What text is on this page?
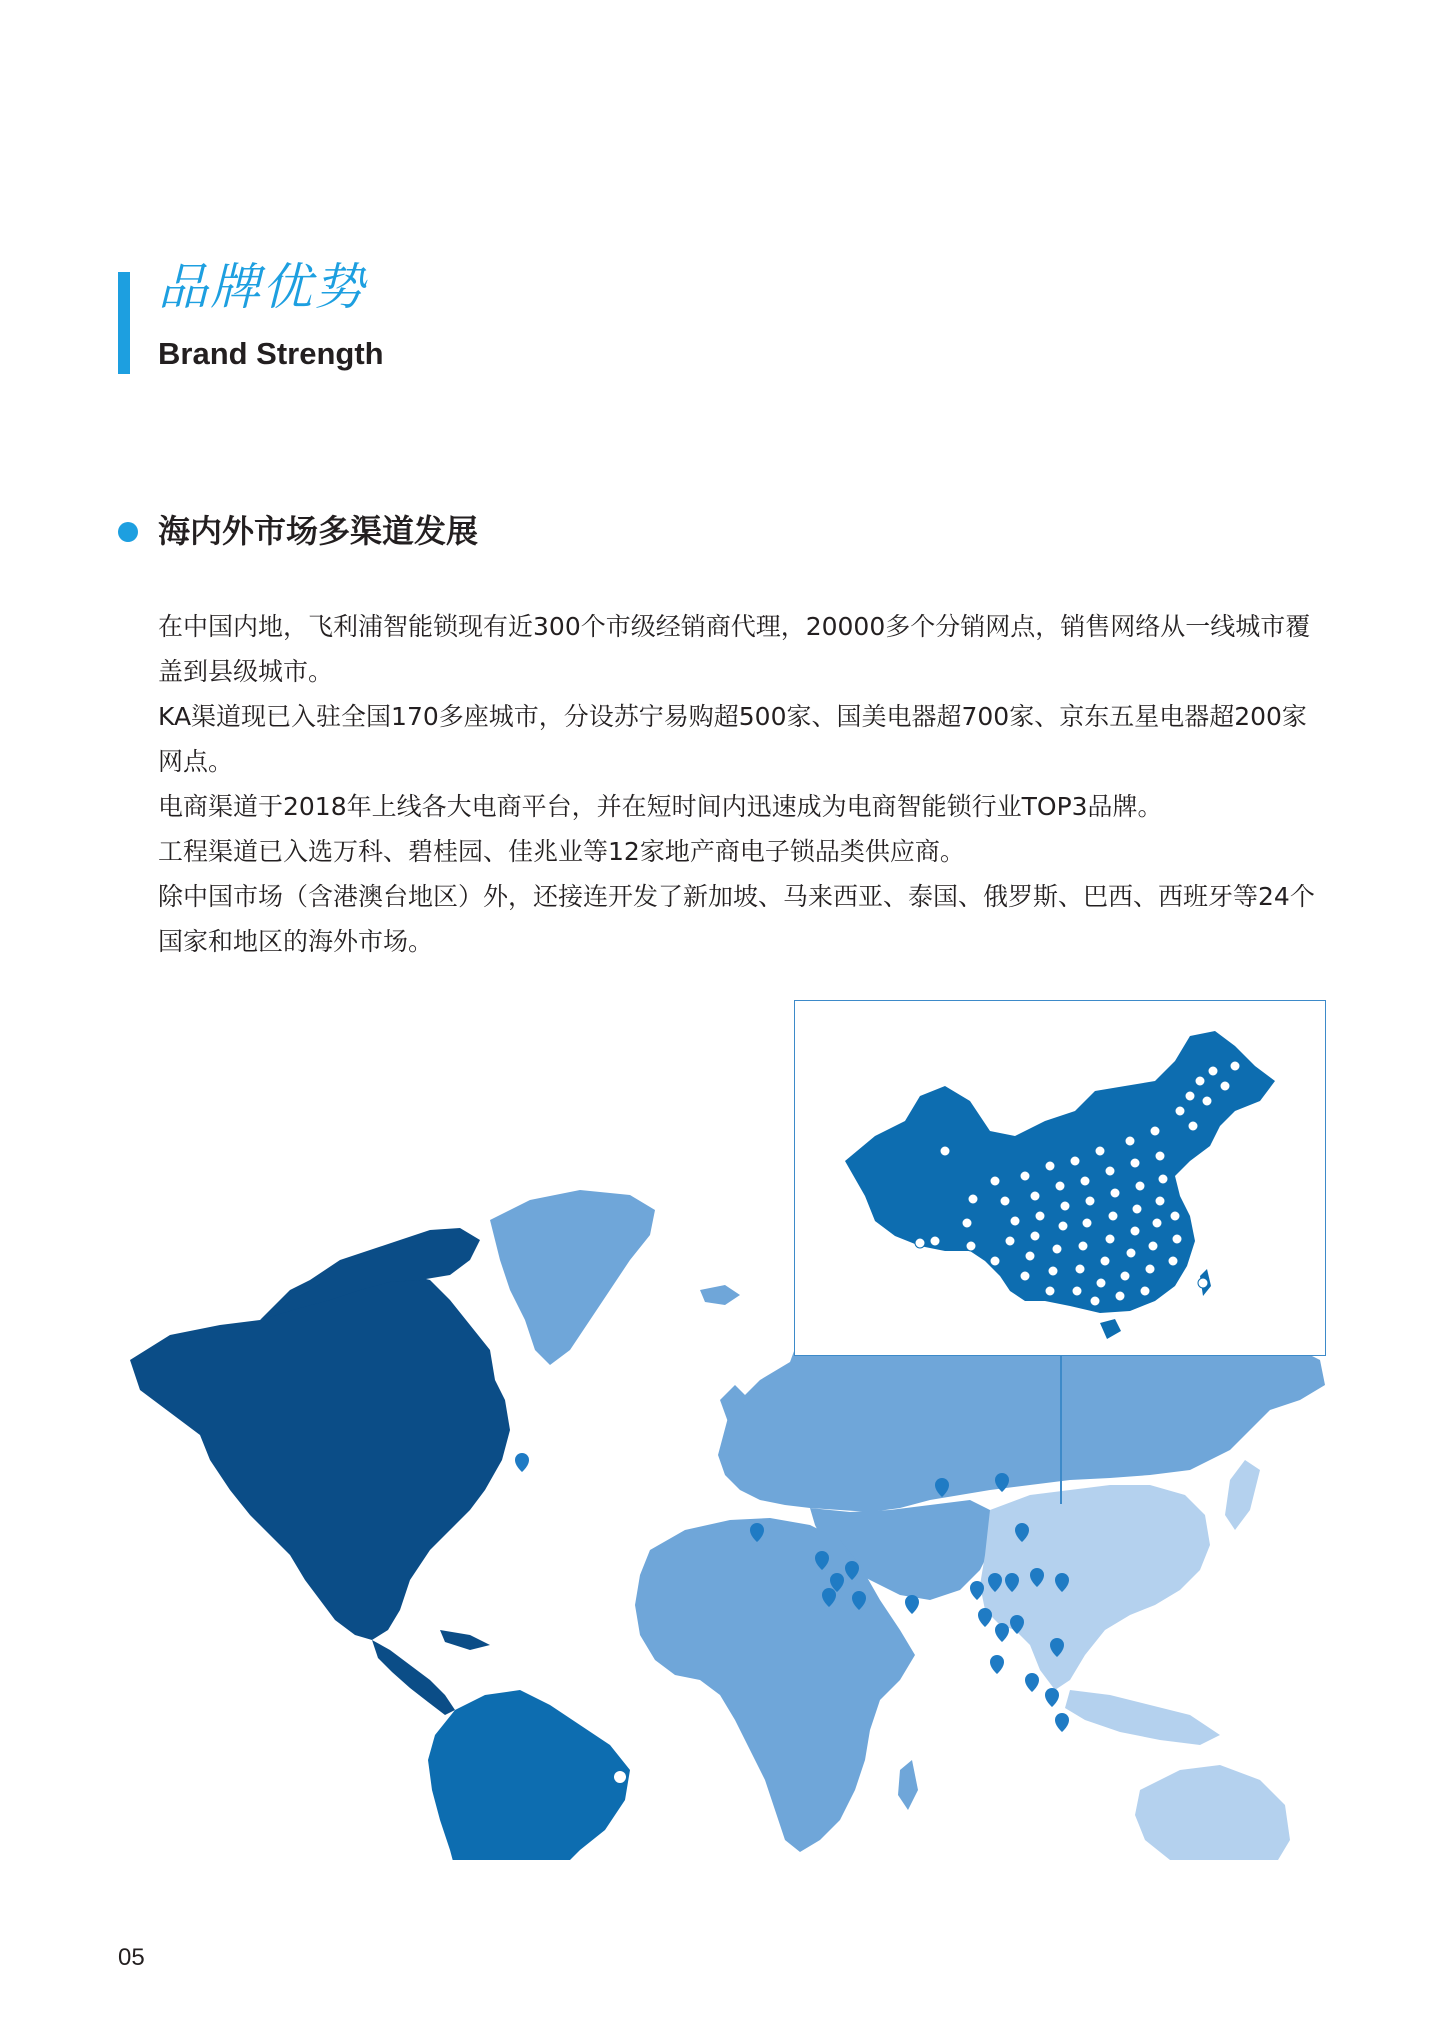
品牌优势
Brand Strength
海内外市场多渠道发展

在中国内地，飞利浦智能锁现有近300个市级经销商代理，20000多个分销网点，销售网络从一线城市覆盖到县级城市。

KA渠道现已入驻全国170多座城市，分设苏宁易购超500家、国美电器超700家、京东五星电器超200家网点。

电商渠道于2018年上线各大电商平台，并在短时间内迅速成为电商智能锁行业TOP3品牌。

工程渠道已入选万科、碧桂园、佳兆业等12家地产商电子锁品类供应商。

除中国市场（含港澳台地区）外，还接连开发了新加坡、马来西亚、泰国、俄罗斯、巴西、西班牙等24个国家和地区的海外市场。

05
